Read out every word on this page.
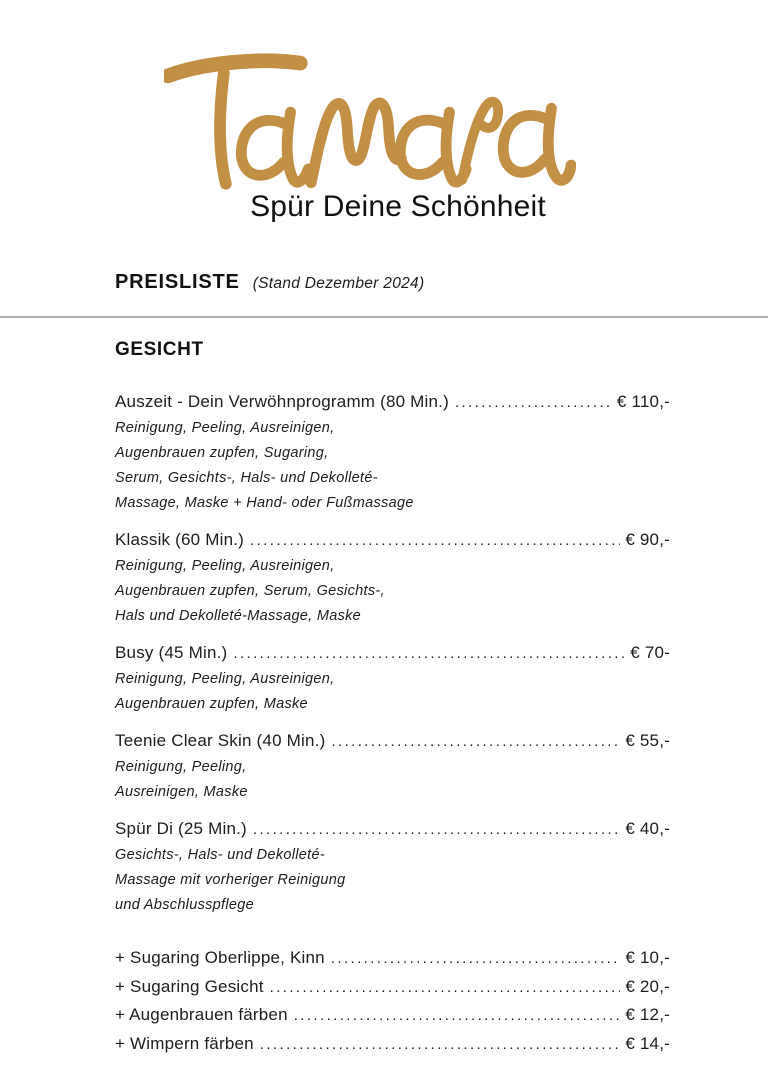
Spür Deine Schönheit
PREISLISTE (Stand Dezember 2024)
GESICHT
Auszeit - Dein Verwöhnprogramm (80 Min.) .....	€ 110,-
Reinigung, Peeling, Ausreinigen,
Augenbrauen zupfen, Sugaring,
Serum, Gesichts-, Hals- und Dekolleté-
Massage, Maske + Hand- oder Fußmassage
Klassik (60 Min.) .....	€ 90,-
Reinigung, Peeling, Ausreinigen,
Augenbrauen zupfen, Serum, Gesichts-,
Hals und Dekolleté-Massage, Maske
Busy (45 Min.) .....	€ 70-
Reinigung, Peeling, Ausreinigen,
Augenbrauen zupfen, Maske
Teenie Clear Skin (40 Min.) .....	€ 55,-
Reinigung, Peeling,
Ausreinigen, Maske
Spür Di (25 Min.) .....	€ 40,-
Gesichts-, Hals- und Dekolleté-
Massage mit vorheriger Reinigung
und Abschlusspflege
+ Sugaring Oberlippe, Kinn .....	€ 10,-
+ Sugaring Gesicht .....	€ 20,-
+ Augenbrauen färben .....	€ 12,-
+ Wimpern färben .....	€ 14,-
